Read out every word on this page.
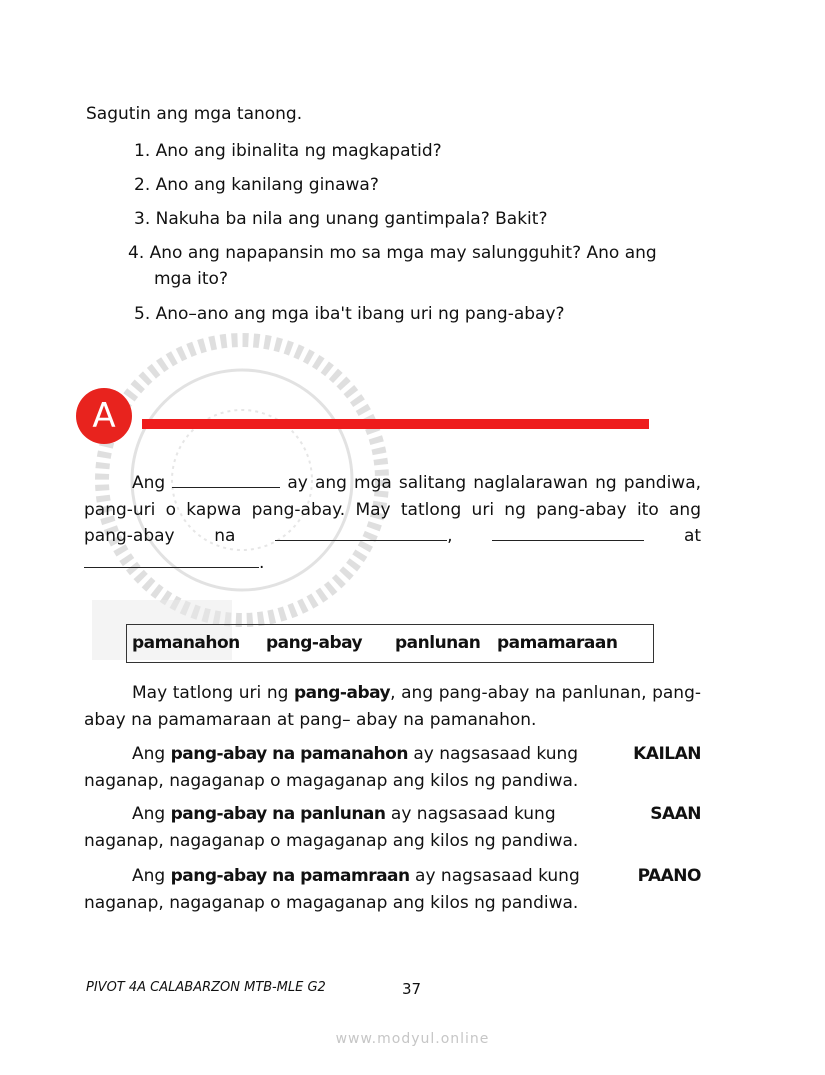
Sagutin ang mga tanong.
1. Ano ang ibinalita ng magkapatid?
2. Ano ang kanilang ginawa?
3. Nakuha ba nila ang unang gantimpala? Bakit?
4. Ano ang napapansin mo sa mga may salungguhit? Ano ang
mga ito?
5. Ano–ano ang mga iba't ibang uri ng pang-abay?
A
Ang	ay ang mga salitang naglalarawan ng pandiwa, pang-uri o kapwa pang-abay. May tatlong uri ng pang-abay ito ang pang-abay na	,	at .
pamanahon pang-abay panlunan pamamaraan
May tatlong uri ng pang-abay, ang pang-abay na panlunan, pang-abay na pamamaraan at pang– abay na pamanahon.
Ang pang-abay na pamanahon ay nagsasaad kung	KAILAN

naganap, nagaganap o magaganap ang kilos ng pandiwa.
Ang pang-abay na panlunan ay nagsasaad kung	SAAN

naganap, nagaganap o magaganap ang kilos ng pandiwa.
Ang pang-abay na pamamraan ay nagsasaad kung	PAANO

naganap, nagaganap o magaganap ang kilos ng pandiwa.
PIVOT 4A CALABARZON MTB-MLE G2	37
www.modyul.online
